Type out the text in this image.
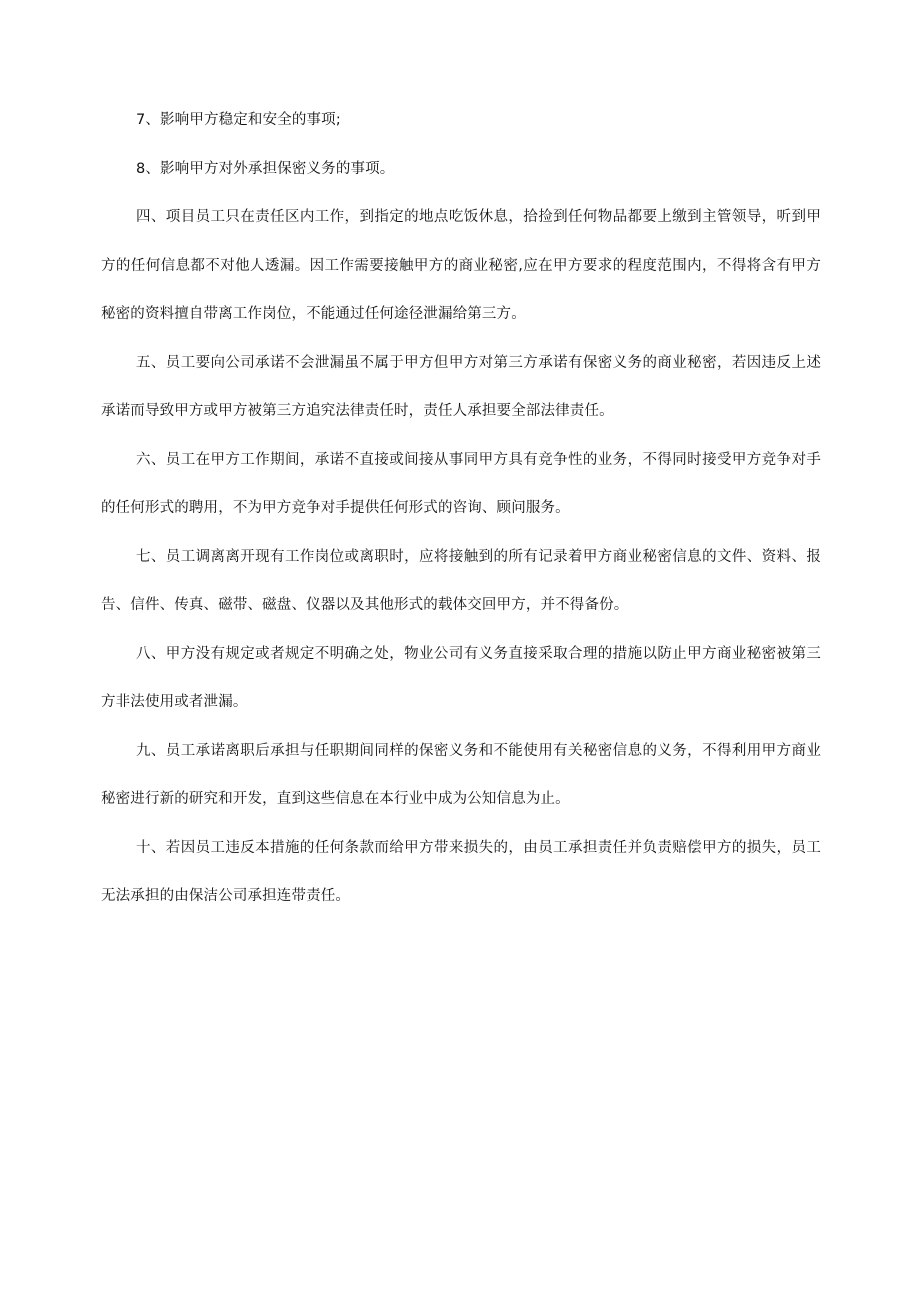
7、影响甲方稳定和安全的事项;

8、影响甲方对外承担保密义务的事项。

四、项目员工只在责任区内工作，到指定的地点吃饭休息，拾捡到任何物品都要上缴到主管领导，听到甲方的任何信息都不对他人透漏。因工作需要接触甲方的商业秘密,应在甲方要求的程度范围内，不得将含有甲方秘密的资料擅自带离工作岗位，不能通过任何途径泄漏给第三方。

五、员工要向公司承诺不会泄漏虽不属于甲方但甲方对第三方承诺有保密义务的商业秘密，若因违反上述承诺而导致甲方或甲方被第三方追究法律责任时，责任人承担要全部法律责任。

六、员工在甲方工作期间，承诺不直接或间接从事同甲方具有竞争性的业务，不得同时接受甲方竞争对手的任何形式的聘用，不为甲方竞争对手提供任何形式的咨询、顾问服务。

七、员工调离离开现有工作岗位或离职时，应将接触到的所有记录着甲方商业秘密信息的文件、资料、报告、信件、传真、磁带、磁盘、仪器以及其他形式的载体交回甲方，并不得备份。

八、甲方没有规定或者规定不明确之处，物业公司有义务直接采取合理的措施以防止甲方商业秘密被第三方非法使用或者泄漏。

九、员工承诺离职后承担与任职期间同样的保密义务和不能使用有关秘密信息的义务，不得利用甲方商业秘密进行新的研究和开发，直到这些信息在本行业中成为公知信息为止。

十、若因员工违反本措施的任何条款而给甲方带来损失的，由员工承担责任并负责赔偿甲方的损失，员工无法承担的由保洁公司承担连带责任。
